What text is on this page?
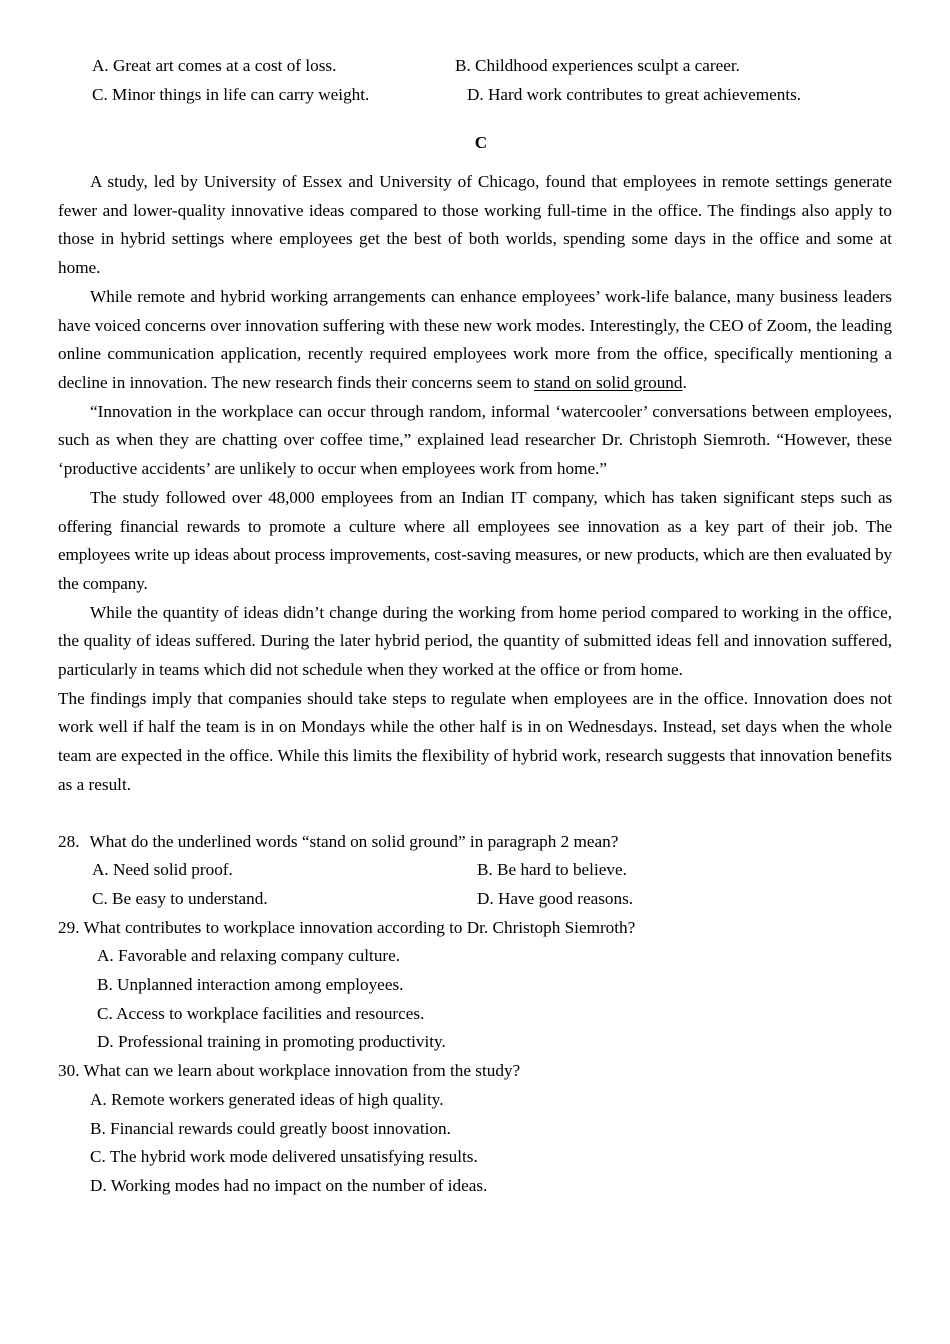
A. Great art comes at a cost of loss.	B. Childhood experiences sculpt a career.
C. Minor things in life can carry weight.	D. Hard work contributes to great achievements.
C

A study, led by University of Essex and University of Chicago, found that employees in remote settings generate fewer and lower-quality innovative ideas compared to those working full-time in the office. The findings also apply to those in hybrid settings where employees get the best of both worlds, spending some days in the office and some at home.

While remote and hybrid working arrangements can enhance employees’ work-life balance, many business leaders have voiced concerns over innovation suffering with these new work modes. Interestingly, the CEO of Zoom, the leading online communication application, recently required employees work more from the office, specifically mentioning a decline in innovation. The new research finds their concerns seem to stand on solid ground.

“Innovation in the workplace can occur through random, informal ‘watercooler’ conversations between employees, such as when they are chatting over coffee time,” explained lead researcher Dr. Christoph Siemroth. “However, these ‘productive accidents’ are unlikely to occur when employees work from home.”

The study followed over 48,000 employees from an Indian IT company, which has taken significant steps such as offering financial rewards to promote a culture where all employees see innovation as a key part of their job. The employees write up ideas about process improvements, cost-saving measures, or new products, which are then evaluated by the company.

While the quantity of ideas didn’t change during the working from home period compared to working in the office, the quality of ideas suffered. During the later hybrid period, the quantity of submitted ideas fell and innovation suffered, particularly in teams which did not schedule when they worked at the office or from home.

The findings imply that companies should take steps to regulate when employees are in the office. Innovation does not work well if half the team is in on Mondays while the other half is in on Wednesdays. Instead, set days when the whole team are expected in the office. While this limits the flexibility of hybrid work, research suggests that innovation benefits as a result.

28. What do the underlined words “stand on solid ground” in paragraph 2 mean?

A. Need solid proof.	B. Be hard to believe.
C. Be easy to understand.	D. Have good reasons.

29. What contributes to workplace innovation according to Dr. Christoph Siemroth?

A. Favorable and relaxing company culture.

B. Unplanned interaction among employees.

C. Access to workplace facilities and resources.

D. Professional training in promoting productivity.

30. What can we learn about workplace innovation from the study?

A. Remote workers generated ideas of high quality.

B. Financial rewards could greatly boost innovation.

C. The hybrid work mode delivered unsatisfying results.

D. Working modes had no impact on the number of ideas.
